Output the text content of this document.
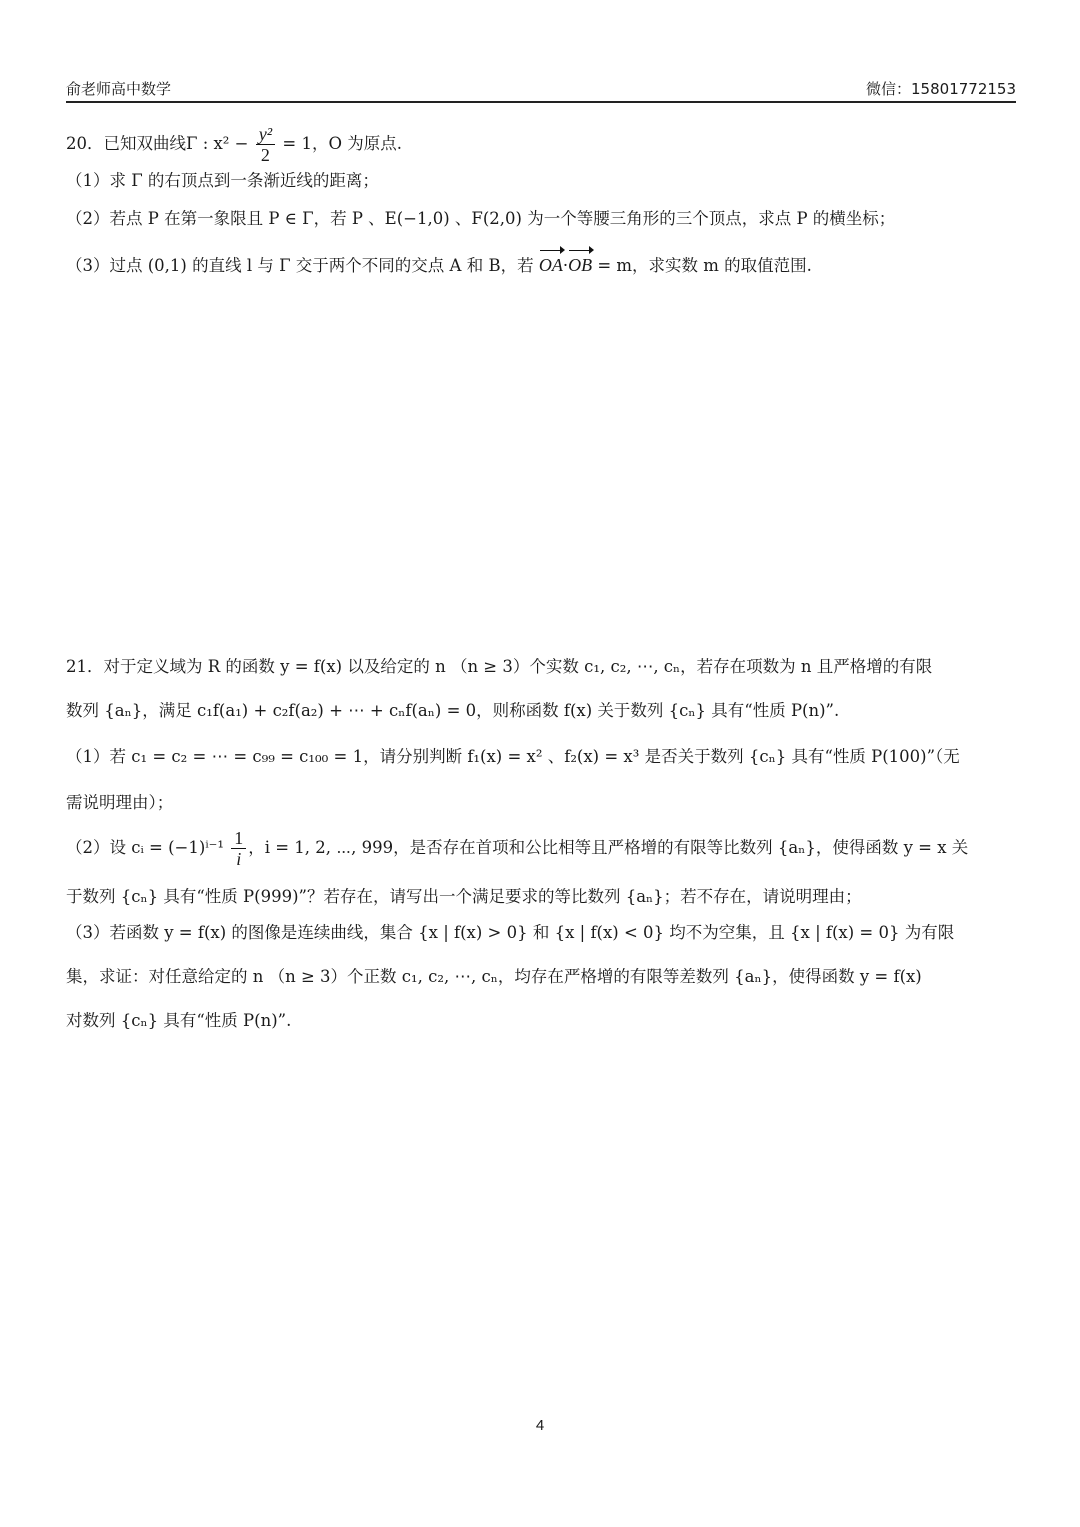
俞老师高中数学	微信：15801772153
20．已知双曲线Γ : $x^2 - \frac{\text{y²}}{2} = 1$，O 为原点.
（1）求 Γ 的右顶点到一条渐近线的距离；
（2）若点 P 在第一象限且 P ∈ Γ，若 P 、E(−1,0) 、F(2,0) 为一个等腰三角形的三个顶点，求点 P 的横坐标；
（3）过点 (0,1) 的直线 l 与 Γ 交于两个不同的交点 A 和 B，若 OA·OB = m，求实数 m 的取值范围.
21．对于定义域为 R 的函数 y = f(x) 以及给定的 n （n ≥ 3）个实数 c₁, c₂, ⋯, cₙ，若存在项数为 n 且严格增的有限
数列 {aₙ}，满足 c₁f(a₁) + c₂f(a₂) + ⋯ + cₙf(aₙ) = 0，则称函数 f(x) 关于数列 {cₙ} 具有“性质 P(n)”.
（1）若 c₁ = c₂ = ⋯ = c₉₉ = c₁₀₀ = 1，请分别判断 f₁(x) = x² 、f₂(x) = x³ 是否关于数列 {cₙ} 具有“性质 P(100)”（无
需说明理由）；
（2）设 cᵢ = $(-1)^{i-1} \frac{1}{i}$ ，i = 1, 2, ⋯, 999，是否存在首项和公比相等且严格增的有限等比数列 {aₙ}，使得函数 y = x 关
于数列 {cₙ} 具有“性质 P(999)”？若存在，请写出一个满足要求的等比数列 {aₙ}；若不存在，请说明理由；
（3）若函数 y = f(x) 的图像是连续曲线，集合 {x | f(x) > 0} 和 {x | f(x) < 0} 均不为空集，且 {x | f(x) = 0} 为有限
集，求证：对任意给定的 n （n ≥ 3）个正数 c₁, c₂, ⋯, cₙ，均存在严格增的有限等差数列 {aₙ}，使得函数 y = f(x)
对数列 {cₙ} 具有“性质 P(n)”.
4
